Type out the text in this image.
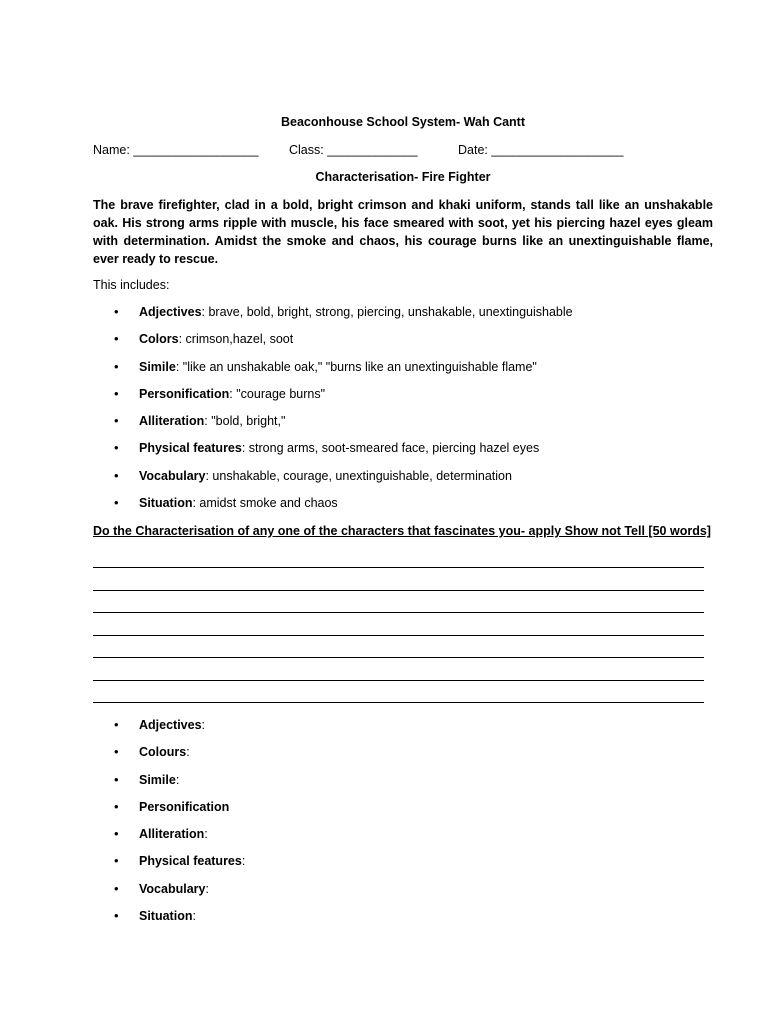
Beaconhouse School System- Wah Cantt
Name: __________________ Class: _____________	Date: ___________________
Characterisation- Fire Fighter

The brave firefighter, clad in a bold, bright crimson and khaki uniform, stands tall like an unshakable oak. His strong arms ripple with muscle, his face smeared with soot, yet his piercing hazel eyes gleam with determination. Amidst the smoke and chaos, his courage burns like an unextinguishable flame, ever ready to rescue.

This includes:
• Adjectives: brave, bold, bright, strong, piercing, unshakable, unextinguishable
• Colors: crimson,hazel, soot
• Simile: "like an unshakable oak," "burns like an unextinguishable flame"
• Personification: "courage burns"
• Alliteration: "bold, bright,"
• Physical features: strong arms, soot-smeared face, piercing hazel eyes
• Vocabulary: unshakable, courage, unextinguishable, determination
• Situation: amidst smoke and chaos
Do the Characterisation of any one of the characters that fascinates you- apply Show not Tell [50 words]
• Adjectives:
• Colours:
• Simile:
• Personification
• Alliteration:
• Physical features:
• Vocabulary:
• Situation:
